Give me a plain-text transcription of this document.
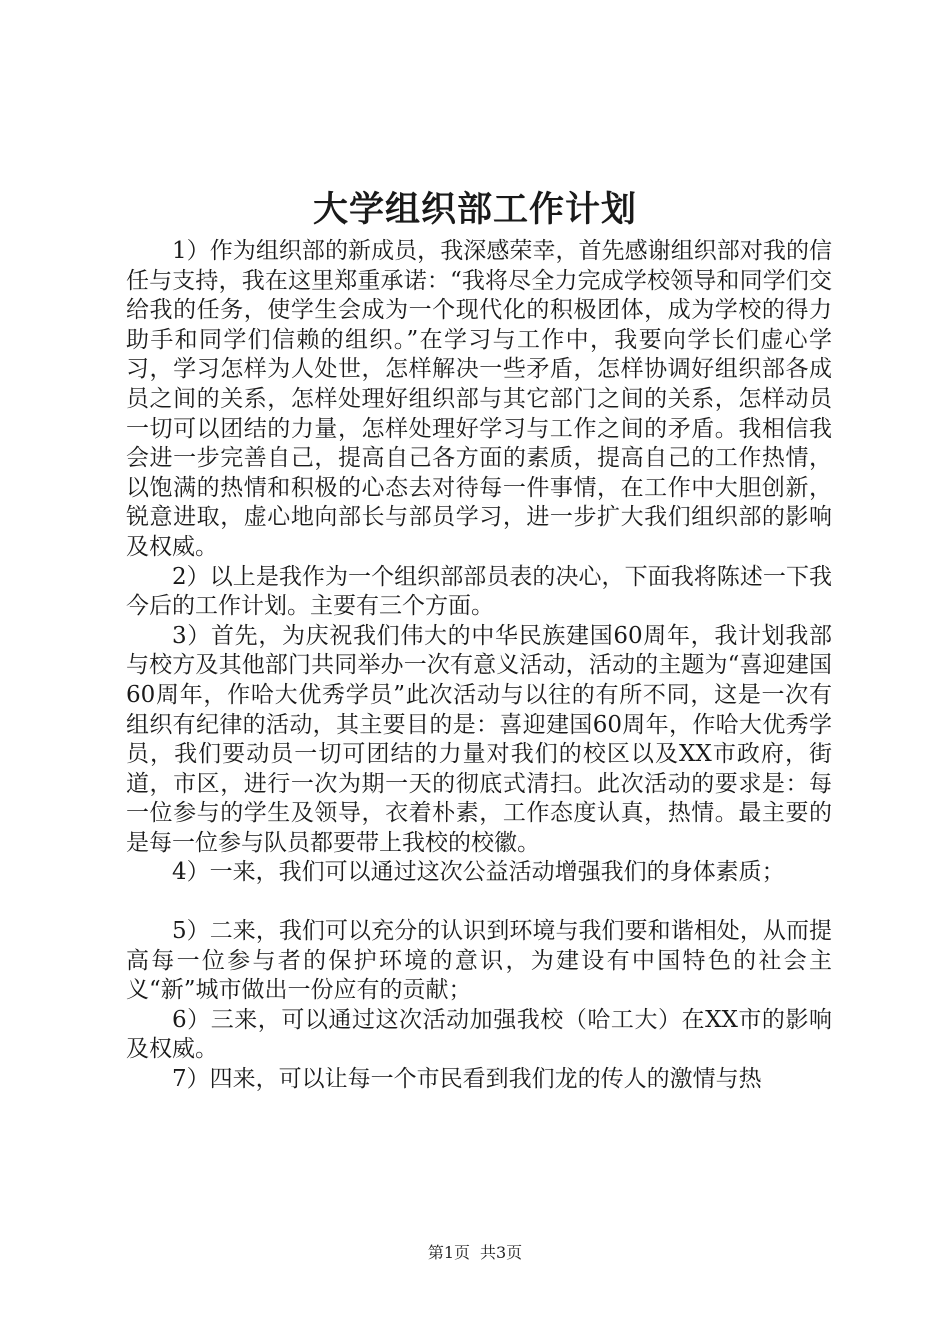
大学组织部工作计划

1）作为组织部的新成员，我深感荣幸，首先感谢组织部对我的信任与支持，我在这里郑重承诺：“我将尽全力完成学校领导和同学们交给我的任务，使学生会成为一个现代化的积极团体，成为学校的得力助手和同学们信赖的组织。”在学习与工作中，我要向学长们虚心学习，学习怎样为人处世，怎样解决一些矛盾，怎样协调好组织部各成员之间的关系，怎样处理好组织部与其它部门之间的关系，怎样动员一切可以团结的力量，怎样处理好学习与工作之间的矛盾。我相信我会进一步完善自己，提高自己各方面的素质，提高自己的工作热情，以饱满的热情和积极的心态去对待每一件事情，在工作中大胆创新，锐意进取，虚心地向部长与部员学习，进一步扩大我们组织部的影响及权威。

2）以上是我作为一个组织部部员表的决心，下面我将陈述一下我今后的工作计划。主要有三个方面。

3）首先，为庆祝我们伟大的中华民族建国60周年，我计划我部与校方及其他部门共同举办一次有意义活动，活动的主题为“喜迎建国60周年，作哈大优秀学员”此次活动与以往的有所不同，这是一次有组织有纪律的活动，其主要目的是：喜迎建国60周年，作哈大优秀学员，我们要动员一切可团结的力量对我们的校区以及XX市政府，街道，市区，进行一次为期一天的彻底式清扫。此次活动的要求是：每一位参与的学生及领导，衣着朴素，工作态度认真，热情。最主要的是每一位参与队员都要带上我校的校徽。

4）一来，我们可以通过这次公益活动增强我们的身体素质；

5）二来，我们可以充分的认识到环境与我们要和谐相处，从而提高每一位参与者的保护环境的意识，为建设有中国特色的社会主义“新”城市做出一份应有的贡献；

6）三来，可以通过这次活动加强我校（哈工大）在XX市的影响及权威。

7）四来，可以让每一个市民看到我们龙的传人的激情与热

第1页 共3页
